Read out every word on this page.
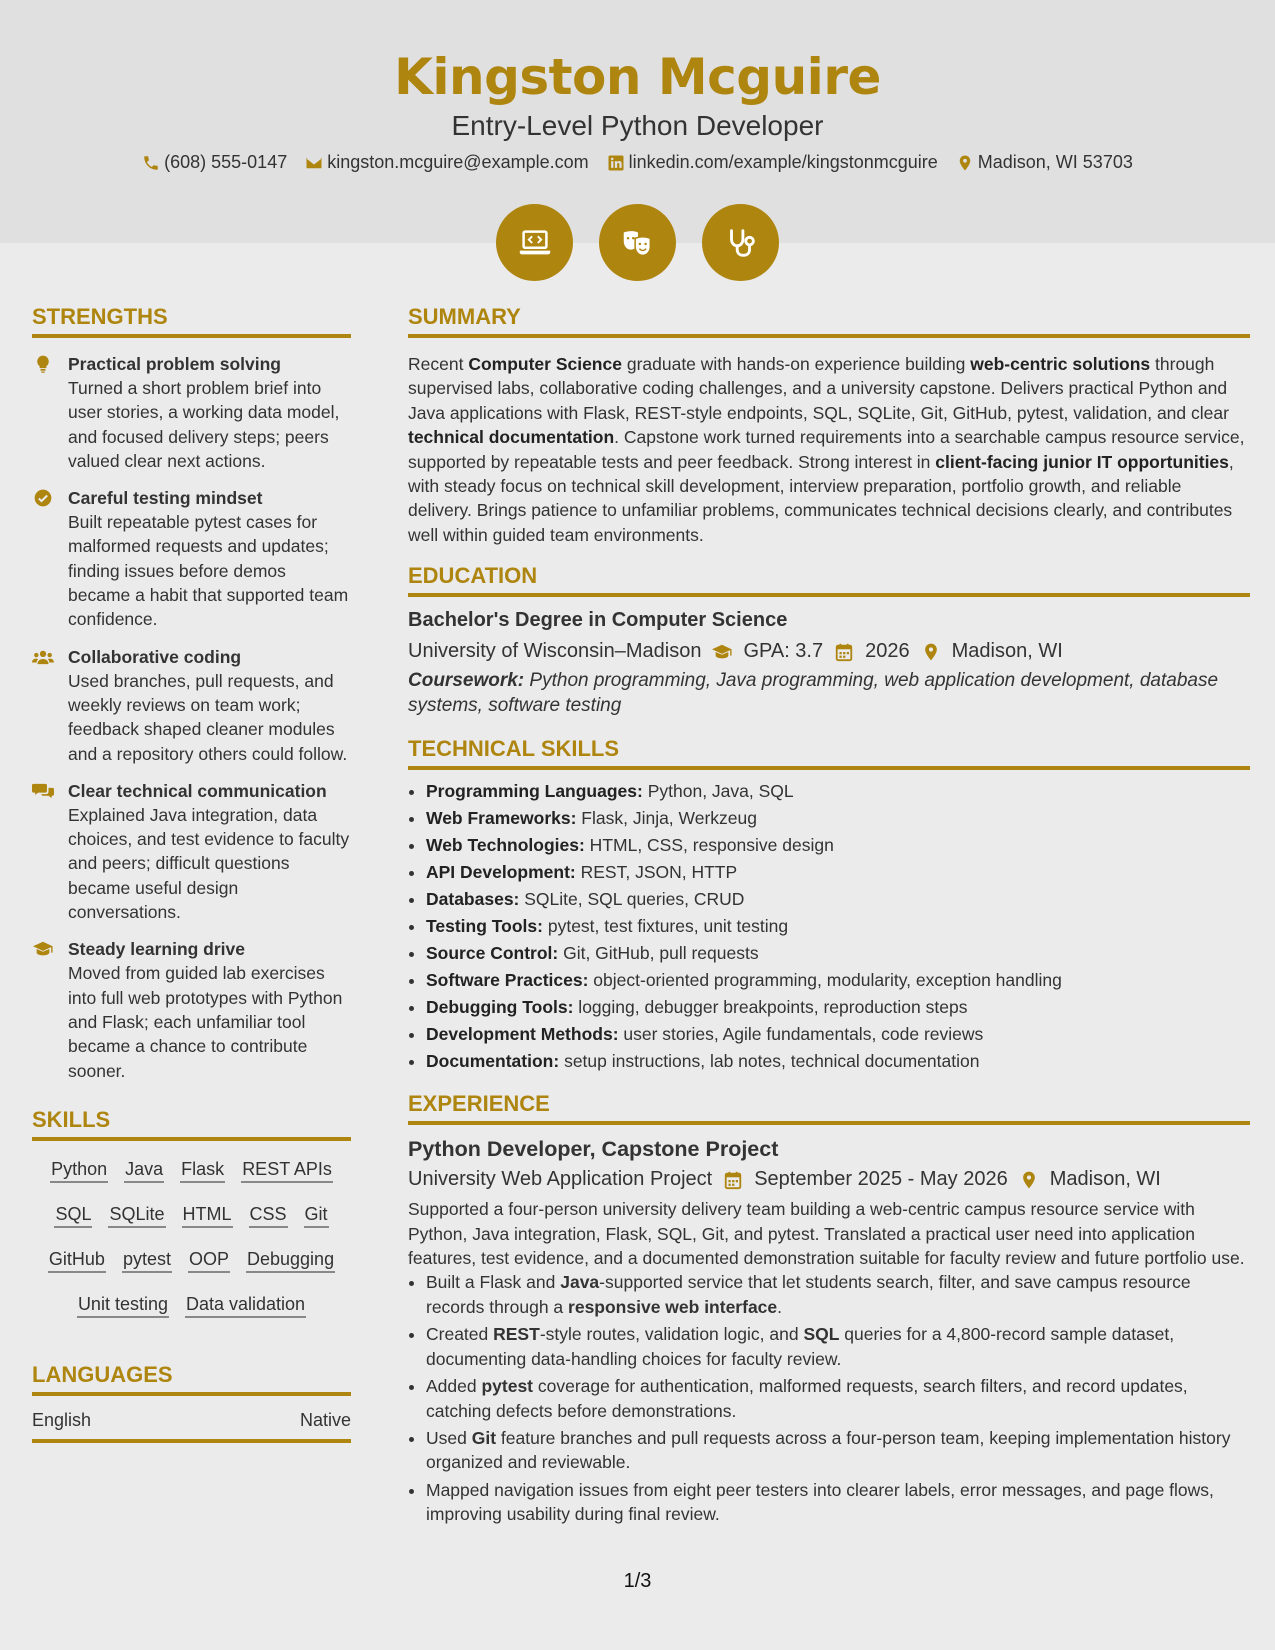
Kingston Mcguire
Entry-Level Python Developer
(608) 555-0147 kingston.mcguire@example.com linkedin.com/example/kingstonmcguire Madison, WI 53703
STRENGTHS
Practical problem solving
Turned a short problem brief into user stories, a working data model, and focused delivery steps; peers valued clear next actions.
Careful testing mindset
Built repeatable pytest cases for malformed requests and updates; finding issues before demos became a habit that supported team confidence.
Collaborative coding
Used branches, pull requests, and weekly reviews on team work; feedback shaped cleaner modules and a repository others could follow.
Clear technical communication
Explained Java integration, data choices, and test evidence to faculty and peers; difficult questions became useful design conversations.
Steady learning drive
Moved from guided lab exercises into full web prototypes with Python and Flask; each unfamiliar tool became a chance to contribute sooner.
SKILLS
Python Java Flask REST APIs
SQL SQLite HTML CSS Git
GitHub pytest OOP Debugging
Unit testing Data validation
LANGUAGES
English	Native
SUMMARY
Recent Computer Science graduate with hands-on experience building web-centric solutions through supervised labs, collaborative coding challenges, and a university capstone. Delivers practical Python and Java applications with Flask, REST-style endpoints, SQL, SQLite, Git, GitHub, pytest, validation, and clear technical documentation. Capstone work turned requirements into a searchable campus resource service, supported by repeatable tests and peer feedback. Strong interest in client-facing junior IT opportunities, with steady focus on technical skill development, interview preparation, portfolio growth, and reliable delivery. Brings patience to unfamiliar problems, communicates technical decisions clearly, and contributes well within guided team environments.
EDUCATION
Bachelor's Degree in Computer Science
University of Wisconsin–Madison GPA: 3.7 2026 Madison, WI
Coursework: Python programming, Java programming, web application development, database systems, software testing
TECHNICAL SKILLS
• Programming Languages: Python, Java, SQL
• Web Frameworks: Flask, Jinja, Werkzeug
• Web Technologies: HTML, CSS, responsive design
• API Development: REST, JSON, HTTP
• Databases: SQLite, SQL queries, CRUD
• Testing Tools: pytest, test fixtures, unit testing
• Source Control: Git, GitHub, pull requests
• Software Practices: object-oriented programming, modularity, exception handling
• Debugging Tools: logging, debugger breakpoints, reproduction steps
• Development Methods: user stories, Agile fundamentals, code reviews
• Documentation: setup instructions, lab notes, technical documentation
EXPERIENCE
Python Developer, Capstone Project
University Web Application Project September 2025 - May 2026 Madison, WI
Supported a four-person university delivery team building a web-centric campus resource service with Python, Java integration, Flask, SQL, Git, and pytest. Translated a practical user need into application features, test evidence, and a documented demonstration suitable for faculty review and future portfolio use.
• Built a Flask and Java-supported service that let students search, filter, and save campus resource records through a responsive web interface.
• Created REST-style routes, validation logic, and SQL queries for a 4,800-record sample dataset, documenting data-handling choices for faculty review.
• Added pytest coverage for authentication, malformed requests, search filters, and record updates, catching defects before demonstrations.
• Used Git feature branches and pull requests across a four-person team, keeping implementation history organized and reviewable.
• Mapped navigation issues from eight peer testers into clearer labels, error messages, and page flows, improving usability during final review.
1/3
